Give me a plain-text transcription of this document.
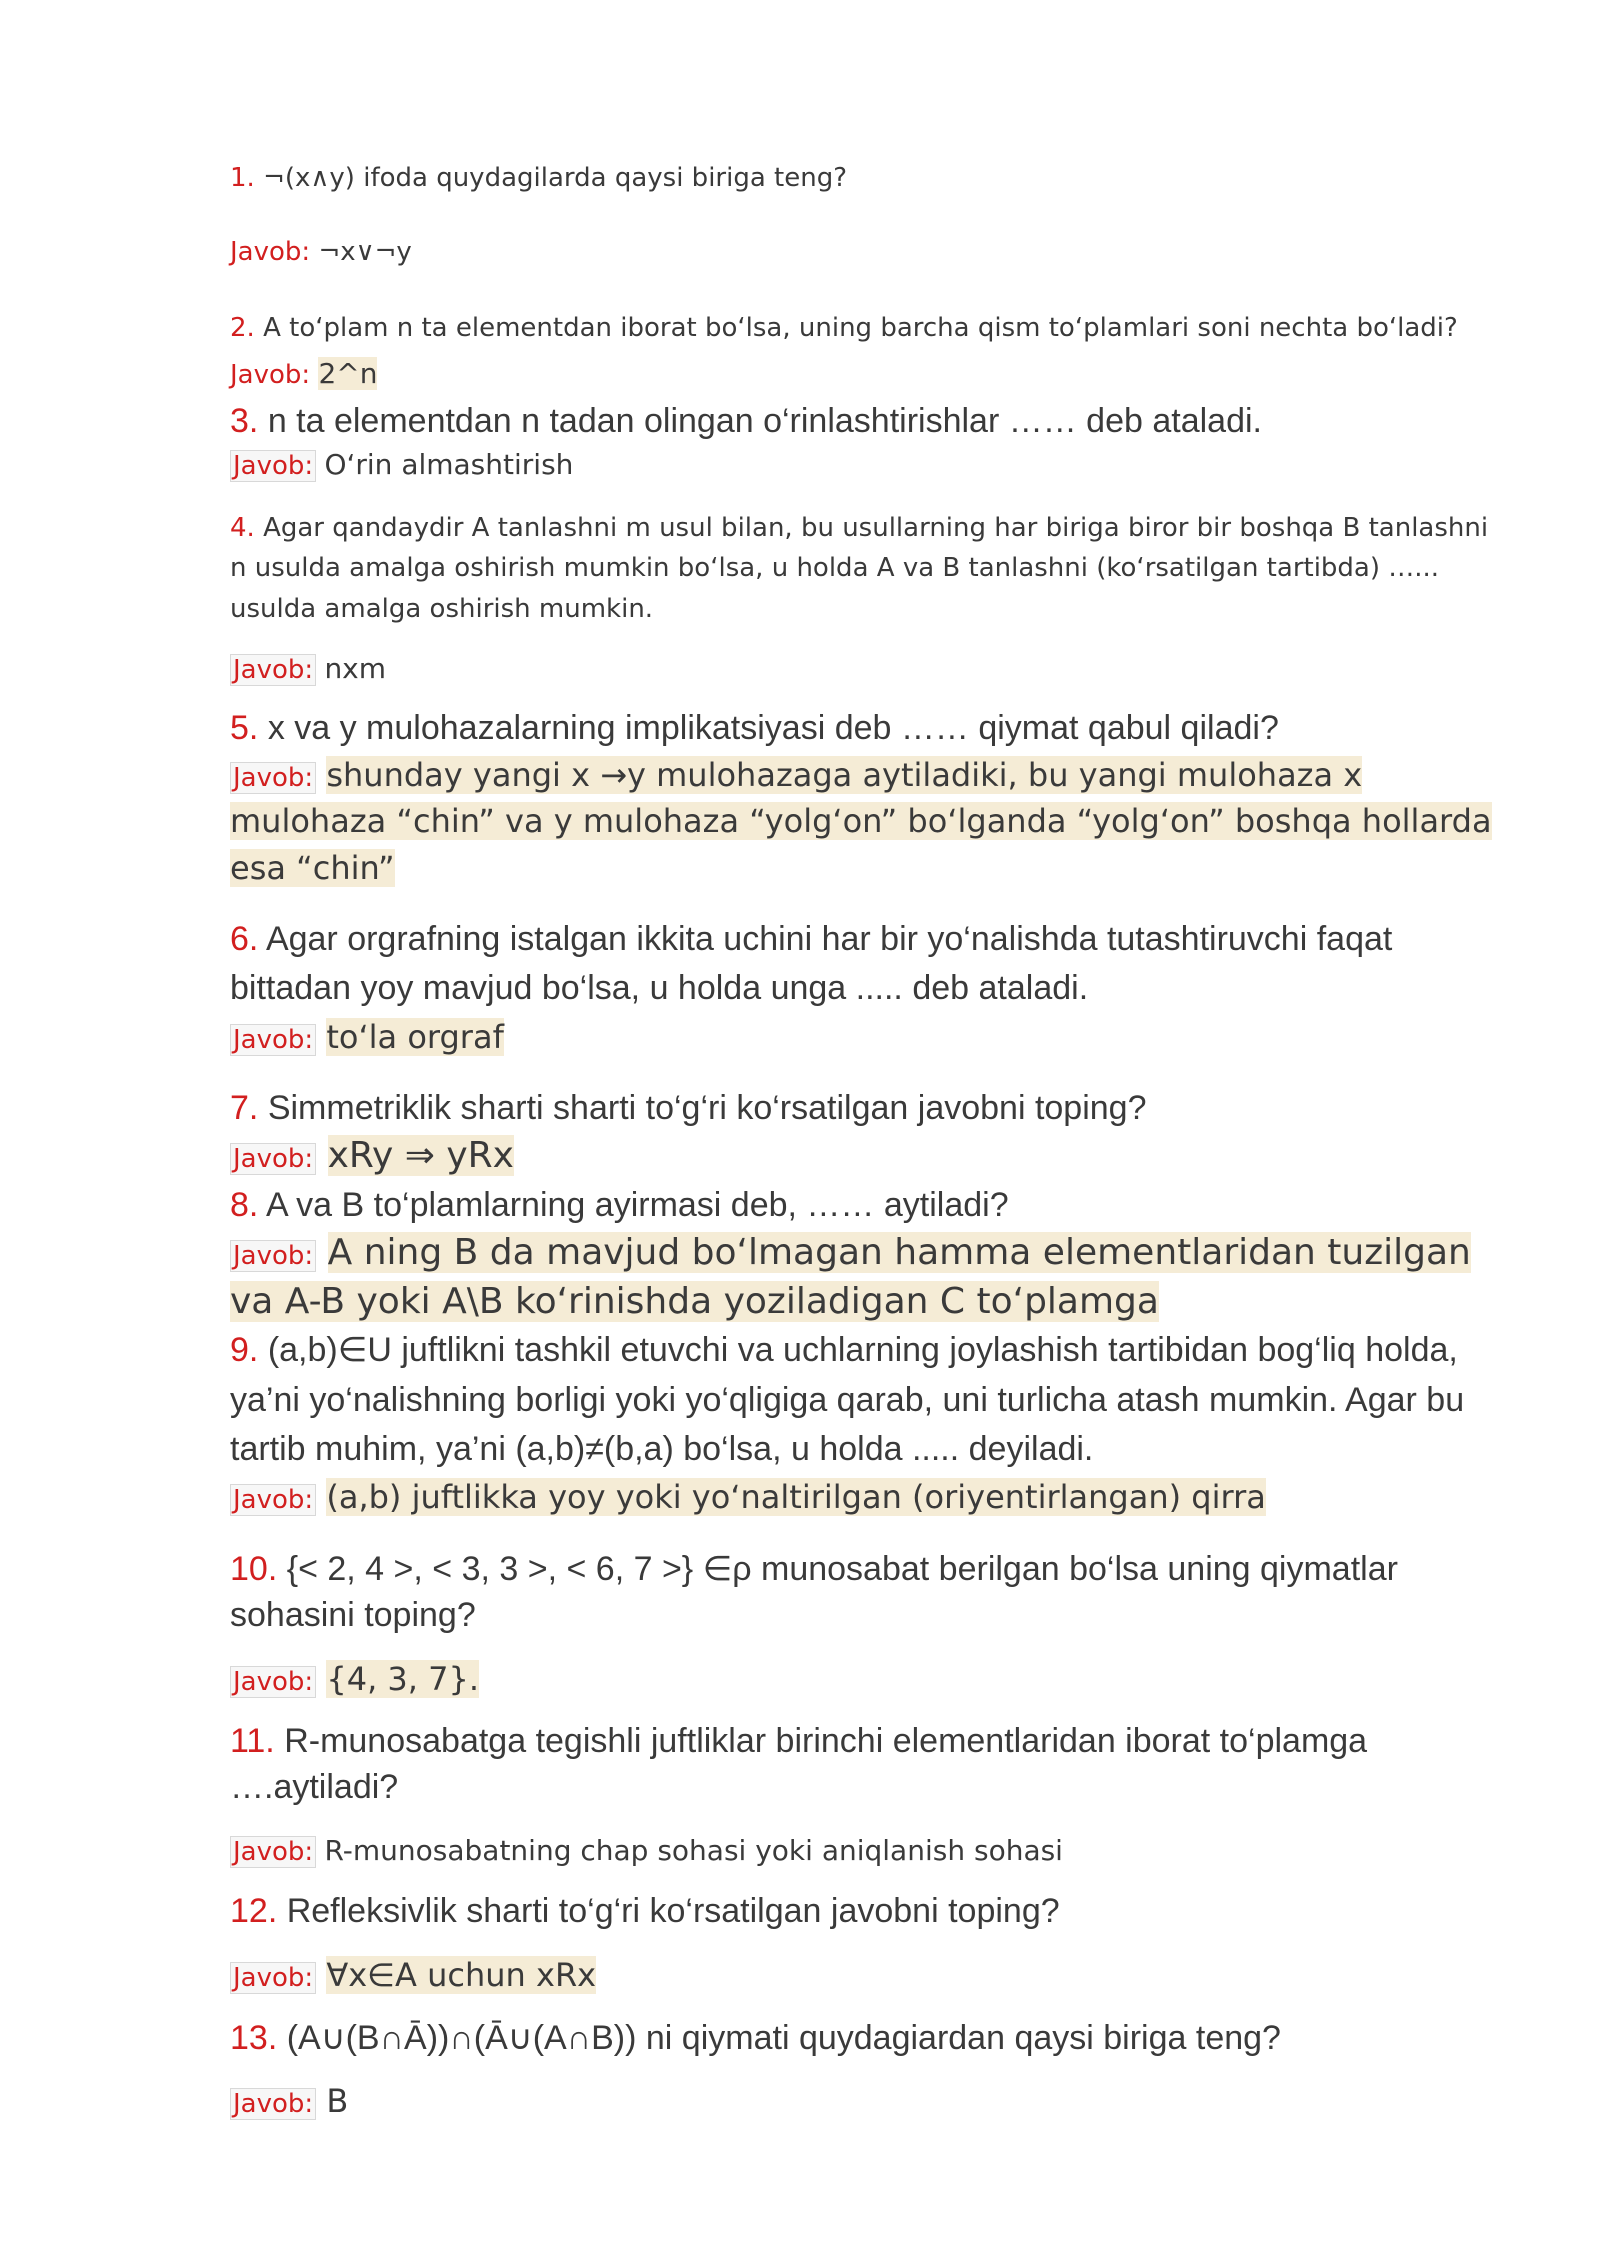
1. ¬(x∧y) ifoda quydagilarda qaysi biriga teng?

Javob: ¬x∨¬y

2. A to‘plam n ta elementdan iborat bo‘lsa, uning barcha qism to‘plamlari soni nechta bo‘ladi?

Javob: 2^n

3. n ta elementdan n tadan olingan o‘rinlashtirishlar …… deb ataladi.

Javob: O‘rin almashtirish

4. Agar qandaydir A tanlashni m usul bilan, bu usullarning har biriga biror bir boshqa B tanlashni n usulda amalga oshirish mumkin bo‘lsa, u holda A va B tanlashni (ko‘rsatilgan tartibda) …... usulda amalga oshirish mumkin.

Javob: nxm

5. x va y mulohazalarning implikatsiyasi deb …… qiymat qabul qiladi?

Javob: shunday yangi x →y mulohazaga aytiladiki, bu yangi mulohaza x mulohaza “chin” va y mulohaza “yolg‘on” bo‘lganda “yolg‘on” boshqa hollarda esa “chin”

6. Agar orgrafning istalgan ikkita uchini har bir yo‘nalishda tutashtiruvchi faqat bittadan yoy mavjud bo‘lsa, u holda unga ..... deb ataladi.

Javob: to‘la orgraf

7. Simmetriklik sharti sharti to‘g‘ri ko‘rsatilgan javobni toping?

Javob: xRy ⇒ yRx

8. A va B to‘plamlarning ayirmasi deb, …… aytiladi?

Javob: A ning B da mavjud bo‘lmagan hamma elementlaridan tuzilgan va A-B yoki A\B ko‘rinishda yoziladigan C to‘plamga

9. (a,b)∈U juftlikni tashkil etuvchi va uchlarning joylashish tartibidan bog‘liq holda, ya’ni yo‘nalishning borligi yoki yo‘qligiga qarab, uni turlicha atash mumkin. Agar bu tartib muhim, ya’ni (a,b)≠(b,a) bo‘lsa, u holda ..... deyiladi.

Javob: (a,b) juftlikka yoy yoki yo‘naltirilgan (oriyentirlangan) qirra

10. {< 2, 4 >, < 3, 3 >, < 6, 7 >} ∈ρ munosabat berilgan bo‘lsa uning qiymatlar sohasini toping?

Javob: {4, 3, 7}.

11. R-munosabatga tegishli juftliklar birinchi elementlaridan iborat to‘plamga ….aytiladi?

Javob: R-munosabatning chap sohasi yoki aniqlanish sohasi

12. Refleksivlik sharti to‘g‘ri ko‘rsatilgan javobni toping?

Javob: ∀x∈A uchun xRx

13. (A∪(B∩Ā))∩(Ā∪(A∩B)) ni qiymati quydagiardan qaysi biriga teng?

Javob: B
